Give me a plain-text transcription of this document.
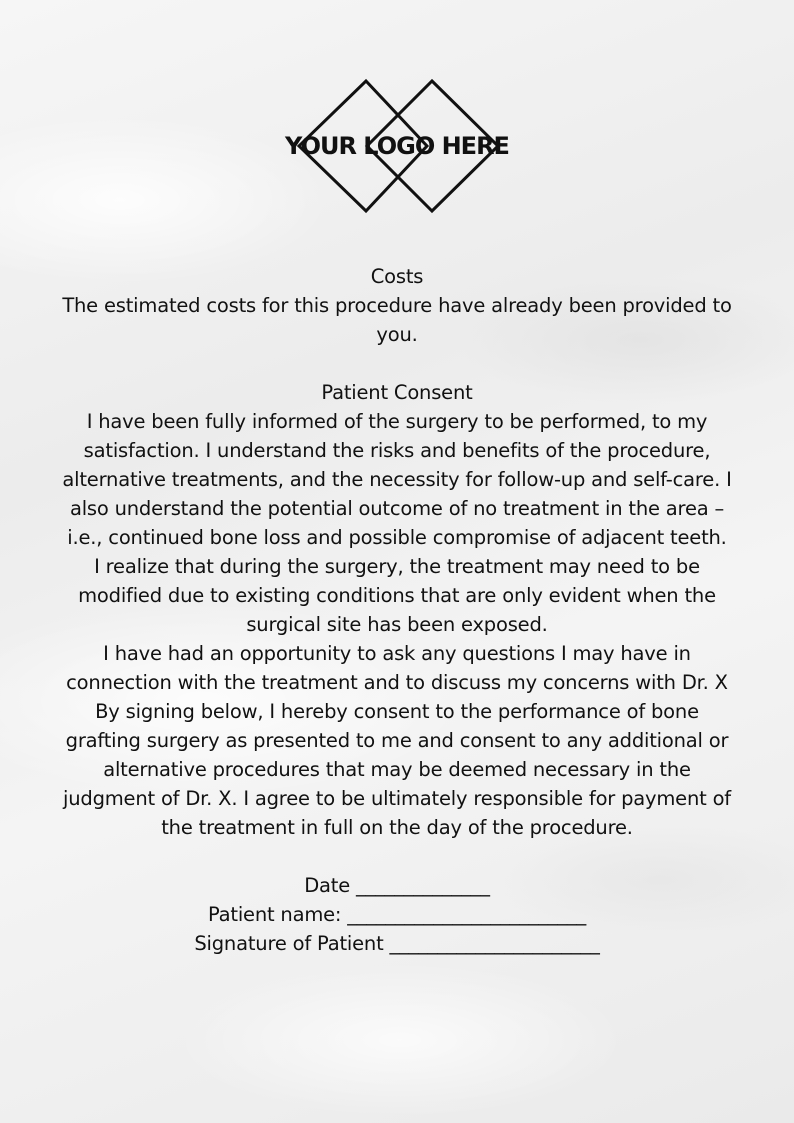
YOUR LOGO HERE

Costs

The estimated costs for this procedure have already been provided to you.

Patient Consent

I have been fully informed of the surgery to be performed, to my satisfaction. I understand the risks and benefits of the procedure, alternative treatments, and the necessity for follow-up and self-care. I also understand the potential outcome of no treatment in the area – i.e., continued bone loss and possible compromise of adjacent teeth. I realize that during the surgery, the treatment may need to be modified due to existing conditions that are only evident when the surgical site has been exposed.

I have had an opportunity to ask any questions I may have in connection with the treatment and to discuss my concerns with Dr. X

By signing below, I hereby consent to the performance of bone grafting surgery as presented to me and consent to any additional or alternative procedures that may be deemed necessary in the judgment of Dr. X. I agree to be ultimately responsible for payment of the treatment in full on the day of the procedure.

Date ______________

Patient name: _________________________

Signature of Patient ______________________
